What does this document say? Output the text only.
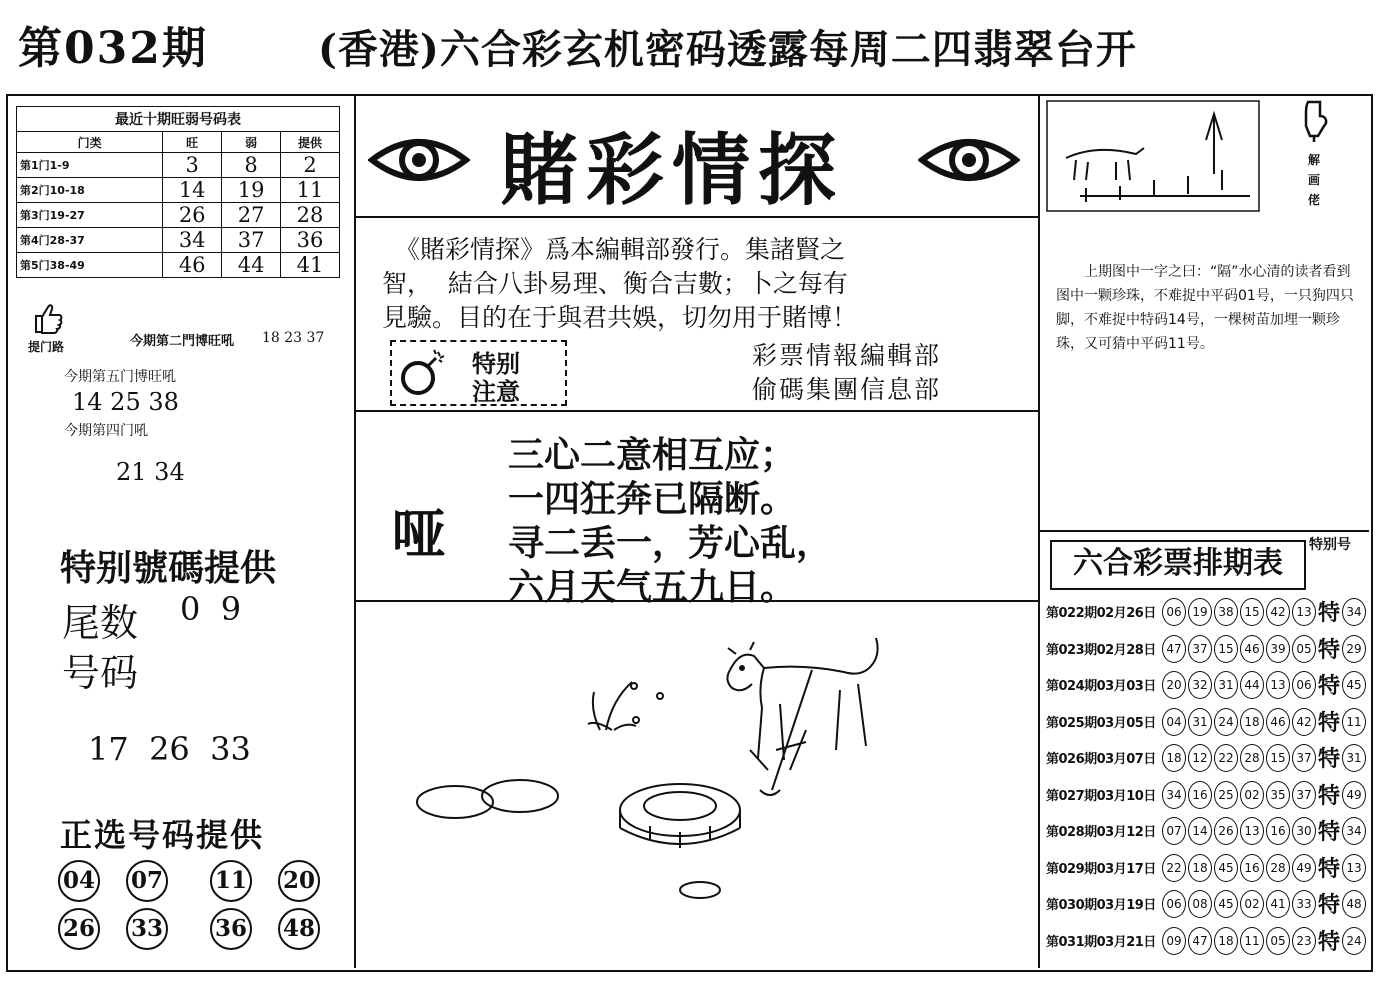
第032期	(香港)六合彩玄机密码透露每周二四翡翠台开
最近十期旺弱号码表			
门类	旺	弱	提供
第1门1-9	3	8	2
第2门10-18	14	19	11
第3门19-27	26	27	28
第4门28-37	34	37	36
第5门38-49	46	44	41
提门路	今期第二門博旺吼 18 23 37
今期第五门博旺吼
14 25 38
今期第四门吼
21 34
特别號碼提供
尾数 0  9
号码
17  26  33
正选号码提供
04 07 11 20
26 33 36 48
賭彩情探
《賭彩情探》爲本編輯部發行。集諸賢之
智，  結合八卦易理、衡合吉數；卜之每有
見驗。目的在于與君共娛，切勿用于賭博！
特别
注意
彩票情報編輯部
偷碼集團信息部
哑
三心二意相互应；
一四狂奔已隔断。
寻二丢一，芳心乱，
六月天气五九日。
解画佬
上期图中一字之曰：“隔”水心清的读者看到图中一颗珍珠，不难捉中平码01号，一只狗四只脚，不难捉中特码14号，一棵树苗加埋一颗珍珠，又可猜中平码11号。
六合彩票排期表
特别号
第022期02月26日 06 19 38 15 42 13 特 34
第023期02月28日 47 37 15 46 39 05 特 29
第024期03月03日 20 32 31 44 13 06 特 45
第025期03月05日 04 31 24 18 46 42 特 11
第026期03月07日 18 12 22 28 15 37 特 31
第027期03月10日 34 16 25 02 35 37 特 49
第028期03月12日 07 14 26 13 16 30 特 34
第029期03月17日 22 18 45 16 28 49 特 13
第030期03月19日 06 08 45 02 41 33 特 48
第031期03月21日 09 47 18 11 05 23 特 24
